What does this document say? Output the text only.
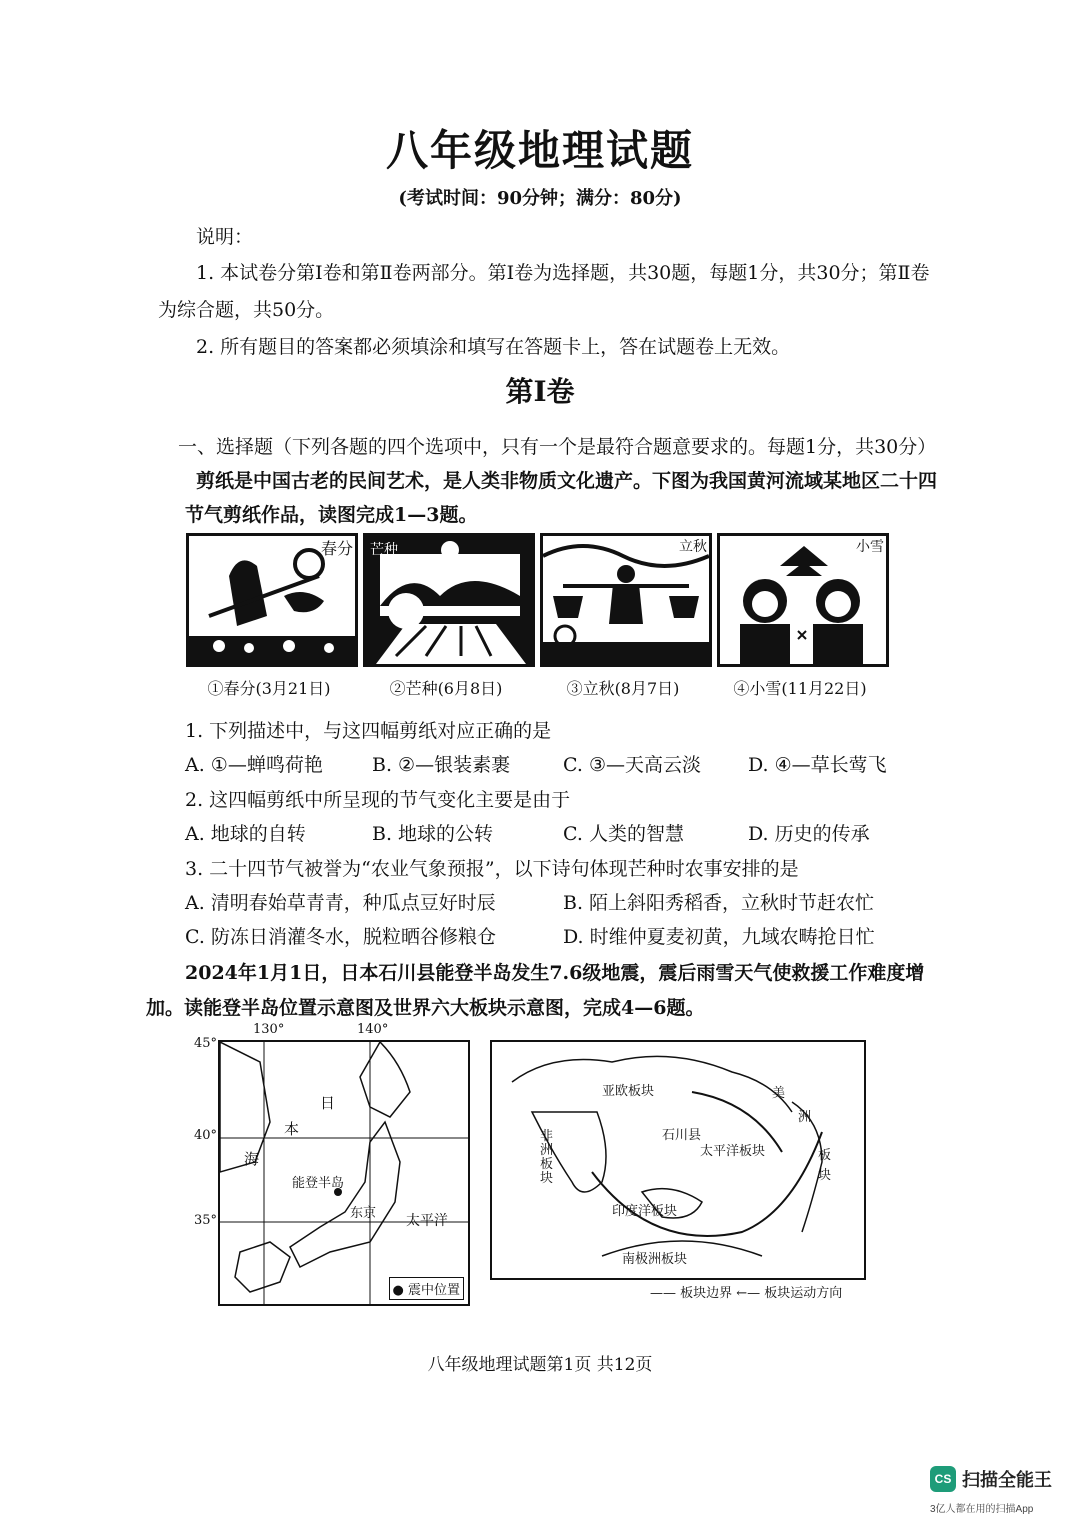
八年级地理试题
(考试时间：90分钟；满分：80分)
说明：
1. 本试卷分第Ⅰ卷和第Ⅱ卷两部分。第Ⅰ卷为选择题，共30题，每题1分，共30分；第Ⅱ卷
为综合题，共50分。
2. 所有题目的答案都必须填涂和填写在答题卡上，答在试题卷上无效。
第Ⅰ卷
一、选择题（下列各题的四个选项中，只有一个是最符合题意要求的。每题1分，共30分）
剪纸是中国古老的民间艺术，是人类非物质文化遗产。下图为我国黄河流域某地区二十四
节气剪纸作品，读图完成1—3题。
春分 芒种	立秋	小雪
①春分(3月21日)	②芒种(6月8日)	③立秋(8月7日)	④小雪(11月22日)
1. 下列描述中，与这四幅剪纸对应正确的是
A. ①—蝉鸣荷艳	B. ②—银装素裹	C. ③—天高云淡 D. ④—草长莺飞
2. 这四幅剪纸中所呈现的节气变化主要是由于
A. 地球的自转	B. 地球的公转	C. 人类的智慧	D. 历史的传承
3. 二十四节气被誉为“农业气象预报”，以下诗句体现芒种时农事安排的是
A. 清明春始草青青，种瓜点豆好时辰	B. 陌上斜阳秀稻香，立秋时节赶农忙
C. 防冻日消灌冬水，脱粒晒谷修粮仓	D. 时维仲夏麦初黄，九域农畴抢日忙
2024年1月1日，日本石川县能登半岛发生7.6级地震，震后雨雪天气使救援工作难度增
加。读能登半岛位置示意图及世界六大板块示意图，完成4—6题。
日
本
海
能登半岛
东京 太平洋
● 震中位置
130°	140°
45°
40°
35°
亚欧板块
非
洲
板
块
石川县
太平洋板块
美
洲
板
块
印度洋板块
南极洲板块
—— 板块边界 ←— 板块运动方向
八年级地理试题第1页 共12页
CS 扫描全能王
3亿人都在用的扫描App
